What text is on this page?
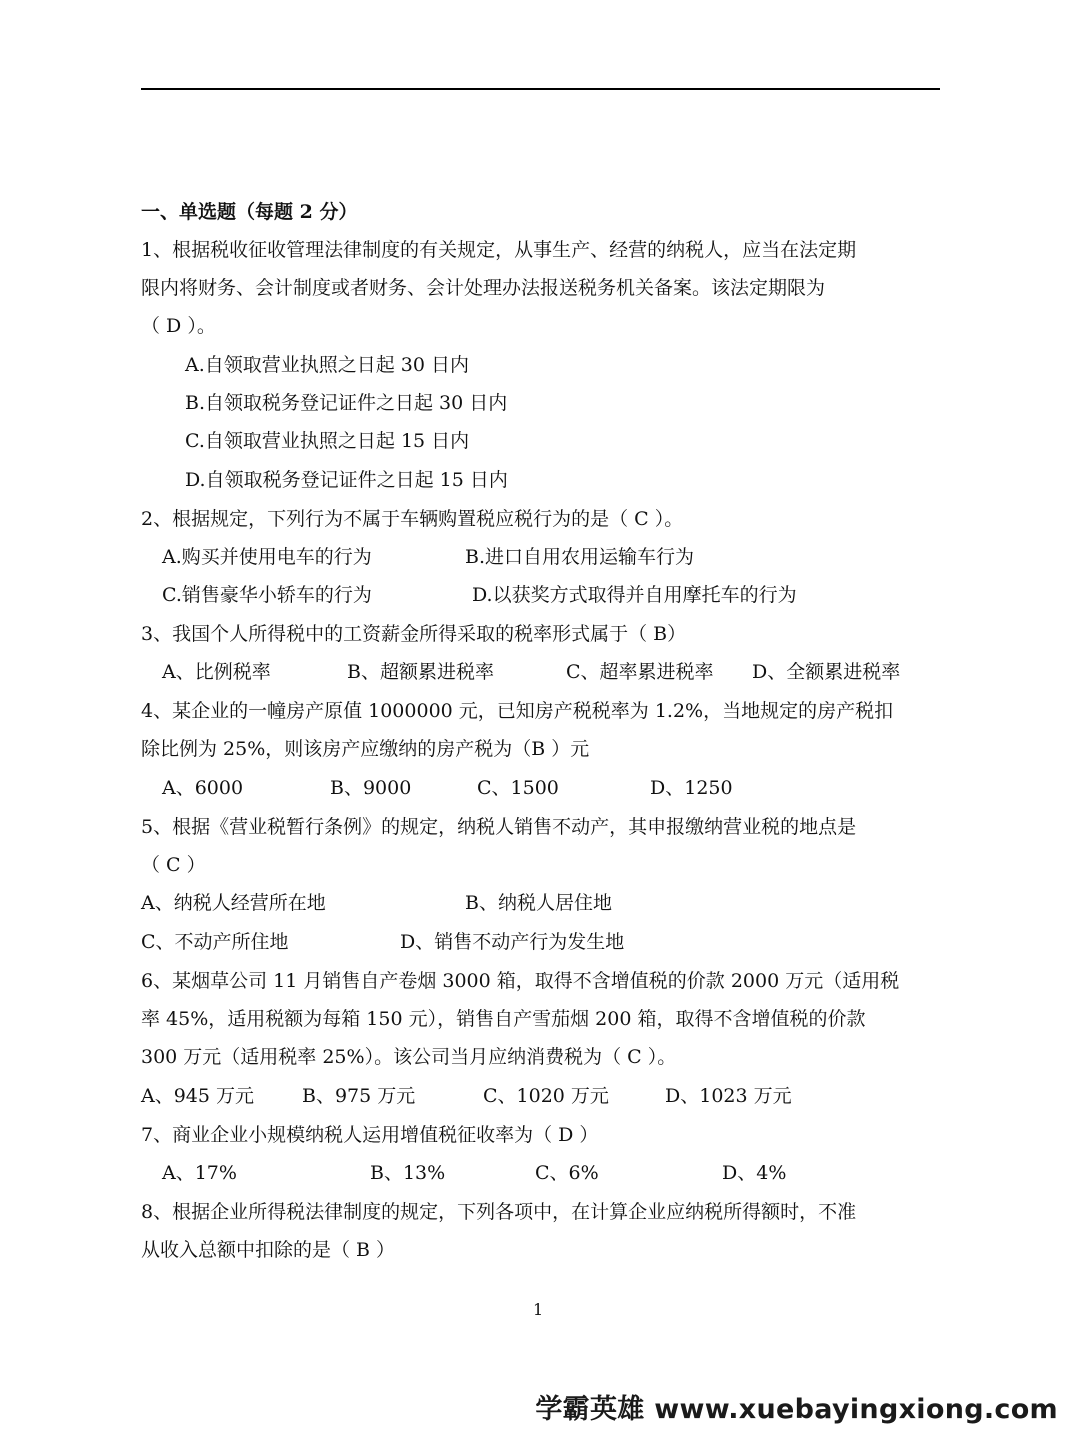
一、单选题（每题 2 分）
1、根据税收征收管理法律制度的有关规定，从事生产、经营的纳税人，应当在法定期
限内将财务、会计制度或者财务、会计处理办法报送税务机关备案。该法定期限为
（ D ）。
A.自领取营业执照之日起 30 日内
B.自领取税务登记证件之日起 30 日内
C.自领取营业执照之日起 15 日内
D.自领取税务登记证件之日起 15 日内
2、根据规定，下列行为不属于车辆购置税应税行为的是（ C ）。
A.购买并使用电车的行为	B.进口自用农用运输车行为
C.销售豪华小轿车的行为	D.以获奖方式取得并自用摩托车的行为
3、我国个人所得税中的工资薪金所得采取的税率形式属于（ B）
A、比例税率	B、超额累进税率	C、超率累进税率 D、全额累进税率
4、某企业的一幢房产原值 1000000 元，已知房产税税率为 1.2%，当地规定的房产税扣
除比例为 25%，则该房产应缴纳的房产税为（B ）元
A、6000	B、9000	C、1500	D、1250
5、根据《营业税暂行条例》的规定，纳税人销售不动产，其申报缴纳营业税的地点是
（ C ）
A、纳税人经营所在地	B、纳税人居住地
C、不动产所住地	D、销售不动产行为发生地
6、某烟草公司 11 月销售自产卷烟 3000 箱，取得不含增值税的价款 2000 万元（适用税
率 45%，适用税额为每箱 150 元），销售自产雪茄烟 200 箱，取得不含增值税的价款
300 万元（适用税率 25%）。该公司当月应纳消费税为（ C ）。
A、945 万元	B、975 万元	C、1020 万元	D、1023 万元
7、商业企业小规模纳税人运用增值税征收率为（ D ）
A、17%	B、13%	C、6%	D、4%
8、根据企业所得税法律制度的规定，下列各项中，在计算企业应纳税所得额时，不准
从收入总额中扣除的是（ B ）
1
学霸英雄 www.xuebayingxiong.com
